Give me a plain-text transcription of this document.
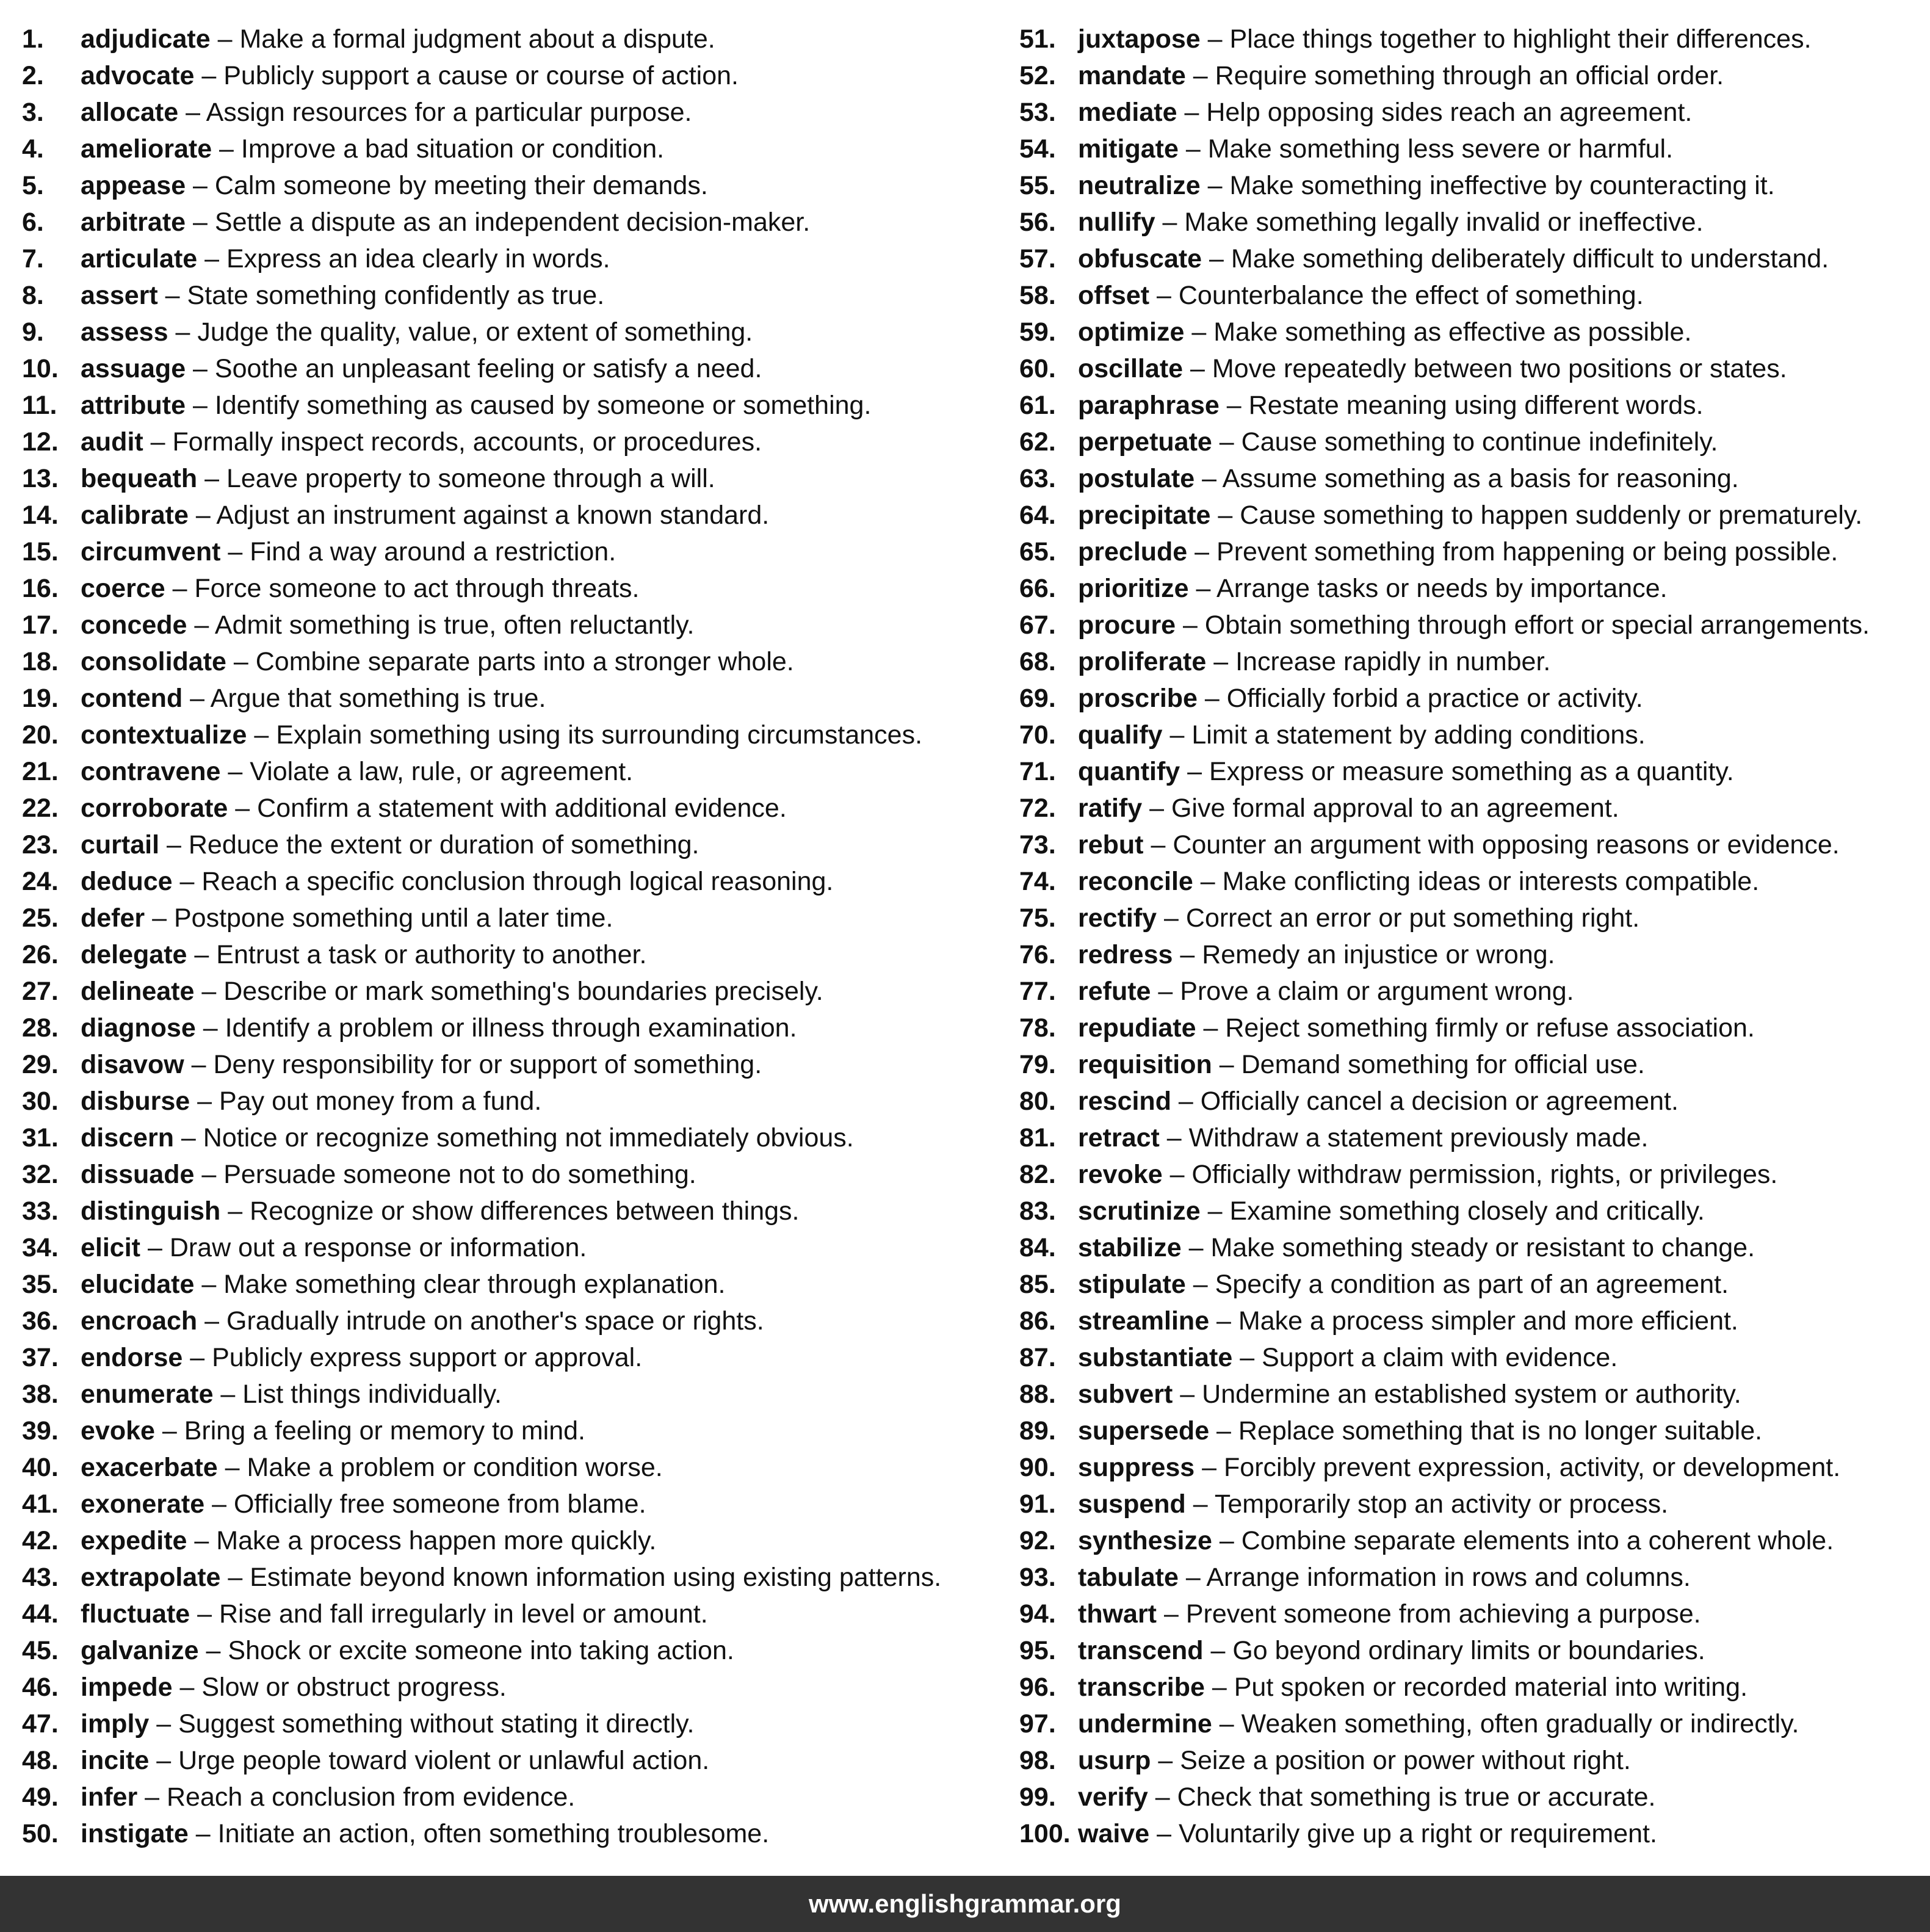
1.	adjudicate – Make a formal judgment about a dispute.
2.	advocate – Publicly support a cause or course of action.
3.	allocate – Assign resources for a particular purpose.
4.	ameliorate – Improve a bad situation or condition.
5.	appease – Calm someone by meeting their demands.
6.	arbitrate – Settle a dispute as an independent decision-maker.
7.	articulate – Express an idea clearly in words.
8.	assert – State something confidently as true.
9.	assess – Judge the quality, value, or extent of something.
10. assuage – Soothe an unpleasant feeling or satisfy a need.
11. attribute – Identify something as caused by someone or something.
12. audit – Formally inspect records, accounts, or procedures.
13. bequeath – Leave property to someone through a will.
14. calibrate – Adjust an instrument against a known standard.
15. circumvent – Find a way around a restriction.
16. coerce – Force someone to act through threats.
17. concede – Admit something is true, often reluctantly.
18. consolidate – Combine separate parts into a stronger whole.
19. contend – Argue that something is true.
20. contextualize – Explain something using its surrounding circumstances.
21. contravene – Violate a law, rule, or agreement.
22. corroborate – Confirm a statement with additional evidence.
23. curtail – Reduce the extent or duration of something.
24. deduce – Reach a specific conclusion through logical reasoning.
25. defer – Postpone something until a later time.
26. delegate – Entrust a task or authority to another.
27. delineate – Describe or mark something's boundaries precisely.
28. diagnose – Identify a problem or illness through examination.
29. disavow – Deny responsibility for or support of something.
30. disburse – Pay out money from a fund.
31. discern – Notice or recognize something not immediately obvious.
32. dissuade – Persuade someone not to do something.
33. distinguish – Recognize or show differences between things.
34. elicit – Draw out a response or information.
35. elucidate – Make something clear through explanation.
36. encroach – Gradually intrude on another's space or rights.
37. endorse – Publicly express support or approval.
38. enumerate – List things individually.
39. evoke – Bring a feeling or memory to mind.
40. exacerbate – Make a problem or condition worse.
41. exonerate – Officially free someone from blame.
42. expedite – Make a process happen more quickly.
43. extrapolate – Estimate beyond known information using existing patterns.
44. fluctuate – Rise and fall irregularly in level or amount.
45. galvanize – Shock or excite someone into taking action.
46. impede – Slow or obstruct progress.
47. imply – Suggest something without stating it directly.
48. incite – Urge people toward violent or unlawful action.
49. infer – Reach a conclusion from evidence.
50. instigate – Initiate an action, often something troublesome.
51. juxtapose – Place things together to highlight their differences.
52. mandate – Require something through an official order.
53. mediate – Help opposing sides reach an agreement.
54. mitigate – Make something less severe or harmful.
55. neutralize – Make something ineffective by counteracting it.
56. nullify – Make something legally invalid or ineffective.
57. obfuscate – Make something deliberately difficult to understand.
58. offset – Counterbalance the effect of something.
59. optimize – Make something as effective as possible.
60. oscillate – Move repeatedly between two positions or states.
61. paraphrase – Restate meaning using different words.
62. perpetuate – Cause something to continue indefinitely.
63. postulate – Assume something as a basis for reasoning.
64. precipitate – Cause something to happen suddenly or prematurely.
65. preclude – Prevent something from happening or being possible.
66. prioritize – Arrange tasks or needs by importance.
67. procure – Obtain something through effort or special arrangements.
68. proliferate – Increase rapidly in number.
69. proscribe – Officially forbid a practice or activity.
70. qualify – Limit a statement by adding conditions.
71. quantify – Express or measure something as a quantity.
72. ratify – Give formal approval to an agreement.
73. rebut – Counter an argument with opposing reasons or evidence.
74. reconcile – Make conflicting ideas or interests compatible.
75. rectify – Correct an error or put something right.
76. redress – Remedy an injustice or wrong.
77. refute – Prove a claim or argument wrong.
78. repudiate – Reject something firmly or refuse association.
79. requisition – Demand something for official use.
80. rescind – Officially cancel a decision or agreement.
81. retract – Withdraw a statement previously made.
82. revoke – Officially withdraw permission, rights, or privileges.
83. scrutinize – Examine something closely and critically.
84. stabilize – Make something steady or resistant to change.
85. stipulate – Specify a condition as part of an agreement.
86. streamline – Make a process simpler and more efficient.
87. substantiate – Support a claim with evidence.
88. subvert – Undermine an established system or authority.
89. supersede – Replace something that is no longer suitable.
90. suppress – Forcibly prevent expression, activity, or development.
91. suspend – Temporarily stop an activity or process.
92. synthesize – Combine separate elements into a coherent whole.
93. tabulate – Arrange information in rows and columns.
94. thwart – Prevent someone from achieving a purpose.
95. transcend – Go beyond ordinary limits or boundaries.
96. transcribe – Put spoken or recorded material into writing.
97. undermine – Weaken something, often gradually or indirectly.
98. usurp – Seize a position or power without right.
99. verify – Check that something is true or accurate.
100. waive – Voluntarily give up a right or requirement.
www.englishgrammar.org
